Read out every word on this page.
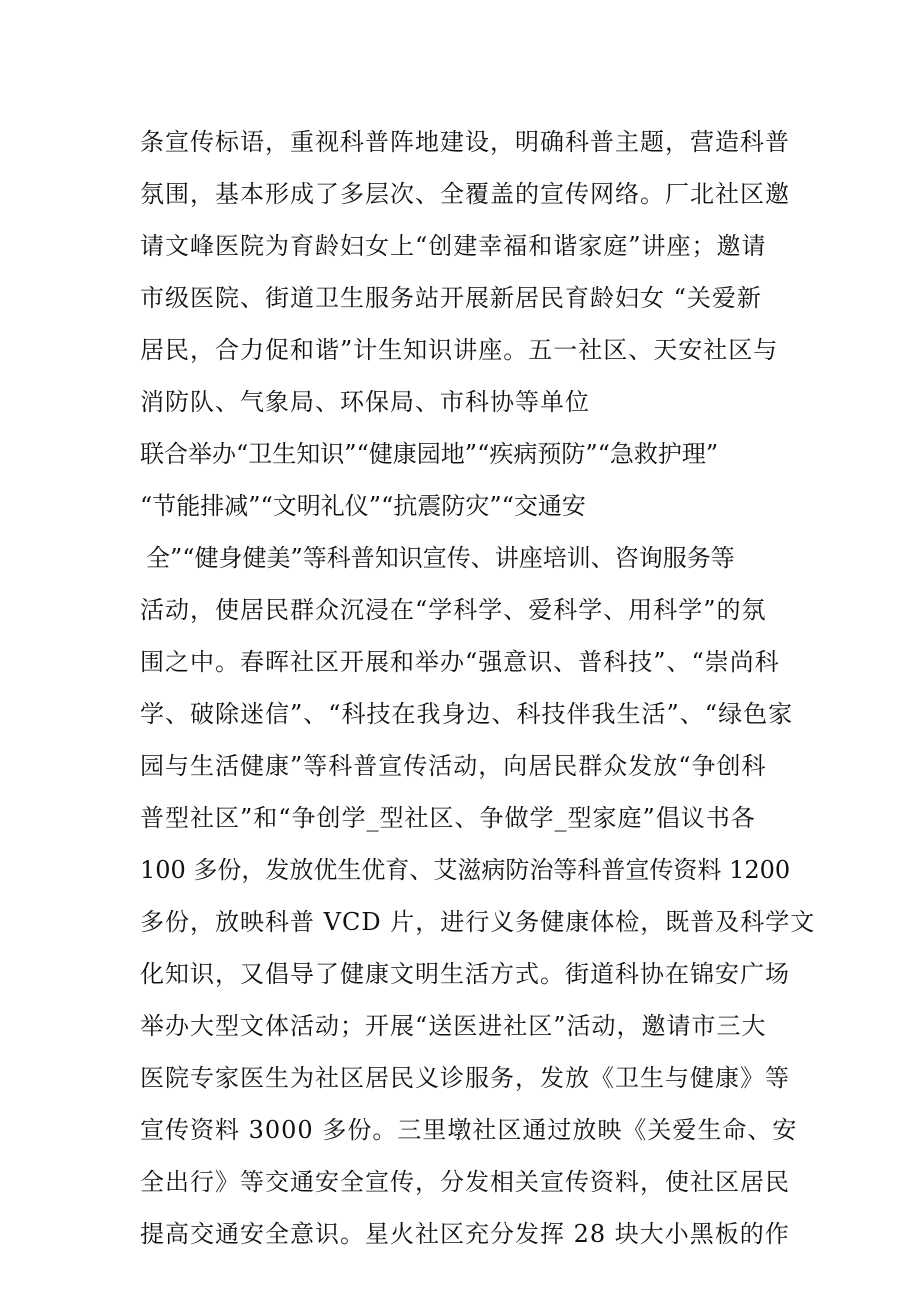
条宣传标语，重视科普阵地建设，明确科普主题，营造科普
氛围，基本形成了多层次、全覆盖的宣传网络。厂北社区邀
请文峰医院为育龄妇女上“创建幸福和谐家庭”讲座；邀请
市级医院、街道卫生服务站开展新居民育龄妇女 “关爱新
居民，合力促和谐”计生知识讲座。五一社区、天安社区与
消防队、气象局、环保局、市科协等单位
联合举办“卫生知识”“健康园地”“疾病预防”“急救护理”
“节能排减”“文明礼仪”“抗震防灾”“交通安
全”“健身健美”等科普知识宣传、讲座培训、咨询服务等
活动，使居民群众沉浸在“学科学、爱科学、用科学”的氛
围之中。春晖社区开展和举办“强意识、普科技”、“崇尚科
学、破除迷信”、“科技在我身边、科技伴我生活”、“绿色家
园与生活健康”等科普宣传活动，向居民群众发放“争创科
普型社区”和“争创学_型社区、争做学_型家庭”倡议书各
100 多份，发放优生优育、艾滋病防治等科普宣传资料 1200
多份，放映科普 VCD 片，进行义务健康体检，既普及科学文
化知识，又倡导了健康文明生活方式。街道科协在锦安广场
举办大型文体活动；开展“送医进社区”活动，邀请市三大
医院专家医生为社区居民义诊服务，发放《卫生与健康》等
宣传资料 3000 多份。三里墩社区通过放映《关爱生命、安
全出行》等交通安全宣传，分发相关宣传资料，使社区居民
提高交通安全意识。星火社区充分发挥 28 块大小黑板的作
